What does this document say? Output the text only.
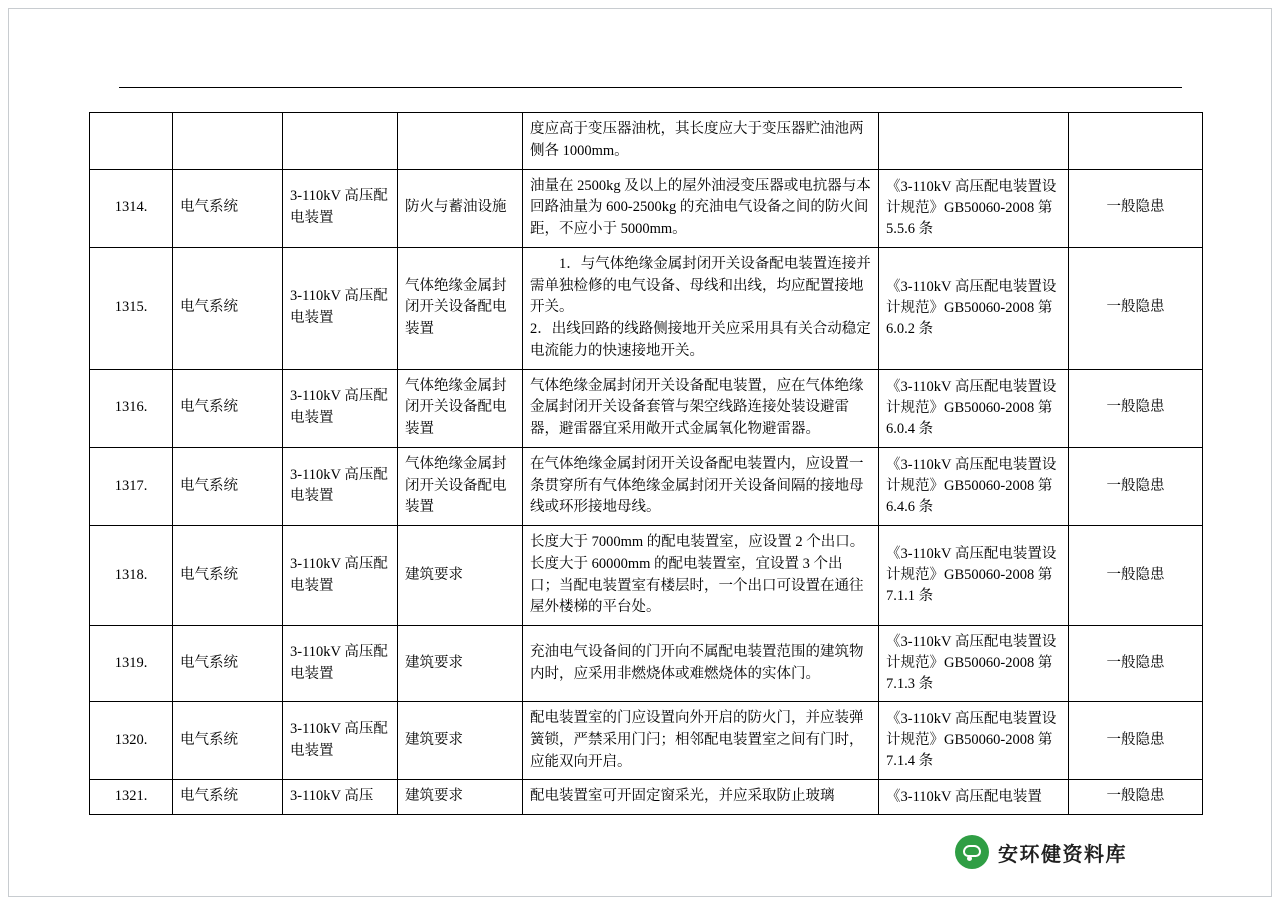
				度应高于变压器油枕，其长度应大于变压器贮油池两侧各 1000mm。		
1314.	电气系统	3-110kV 高压配电装置	防火与蓄油设施	油量在 2500kg 及以上的屋外油浸变压器或电抗器与本回路油量为 600-2500kg 的充油电气设备之间的防火间距，不应小于 5000mm。	《3-110kV 高压配电装置设计规范》GB50060-2008 第 5.5.6 条	一般隐患
1315.	电气系统	3-110kV 高压配电装置	气体绝缘金属封闭开关设备配电装置	1．与气体绝缘金属封闭开关设备配电装置连接并需单独检修的电气设备、母线和出线，均应配置接地开关。
2．出线回路的线路侧接地开关应采用具有关合动稳定电流能力的快速接地开关。	《3-110kV 高压配电装置设计规范》GB50060-2008 第 6.0.2 条	一般隐患
1316.	电气系统	3-110kV 高压配电装置	气体绝缘金属封闭开关设备配电装置	气体绝缘金属封闭开关设备配电装置，应在气体绝缘金属封闭开关设备套管与架空线路连接处装设避雷器，避雷器宜采用敞开式金属氧化物避雷器。	《3-110kV 高压配电装置设计规范》GB50060-2008 第 6.0.4 条	一般隐患
1317.	电气系统	3-110kV 高压配电装置	气体绝缘金属封闭开关设备配电装置	在气体绝缘金属封闭开关设备配电装置内，应设置一条贯穿所有气体绝缘金属封闭开关设备间隔的接地母线或环形接地母线。	《3-110kV 高压配电装置设计规范》GB50060-2008 第 6.4.6 条	一般隐患
1318.	电气系统	3-110kV 高压配电装置	建筑要求	长度大于 7000mm 的配电装置室，应设置 2 个出口。长度大于 60000mm 的配电装置室，宜设置 3 个出口；当配电装置室有楼层时，一个出口可设置在通往屋外楼梯的平台处。	《3-110kV 高压配电装置设计规范》GB50060-2008 第 7.1.1 条	一般隐患
1319.	电气系统	3-110kV 高压配电装置	建筑要求	充油电气设备间的门开向不属配电装置范围的建筑物内时，应采用非燃烧体或难燃烧体的实体门。	《3-110kV 高压配电装置设计规范》GB50060-2008 第 7.1.3 条	一般隐患
1320.	电气系统	3-110kV 高压配电装置	建筑要求	配电装置室的门应设置向外开启的防火门，并应装弹簧锁，严禁采用门闩；相邻配电装置室之间有门时，应能双向开启。	《3-110kV 高压配电装置设计规范》GB50060-2008 第 7.1.4 条	一般隐患
1321.	电气系统	3-110kV 高压	建筑要求	配电装置室可开固定窗采光，并应采取防止玻璃	《3-110kV 高压配电装置	一般隐患
安环健资料库
